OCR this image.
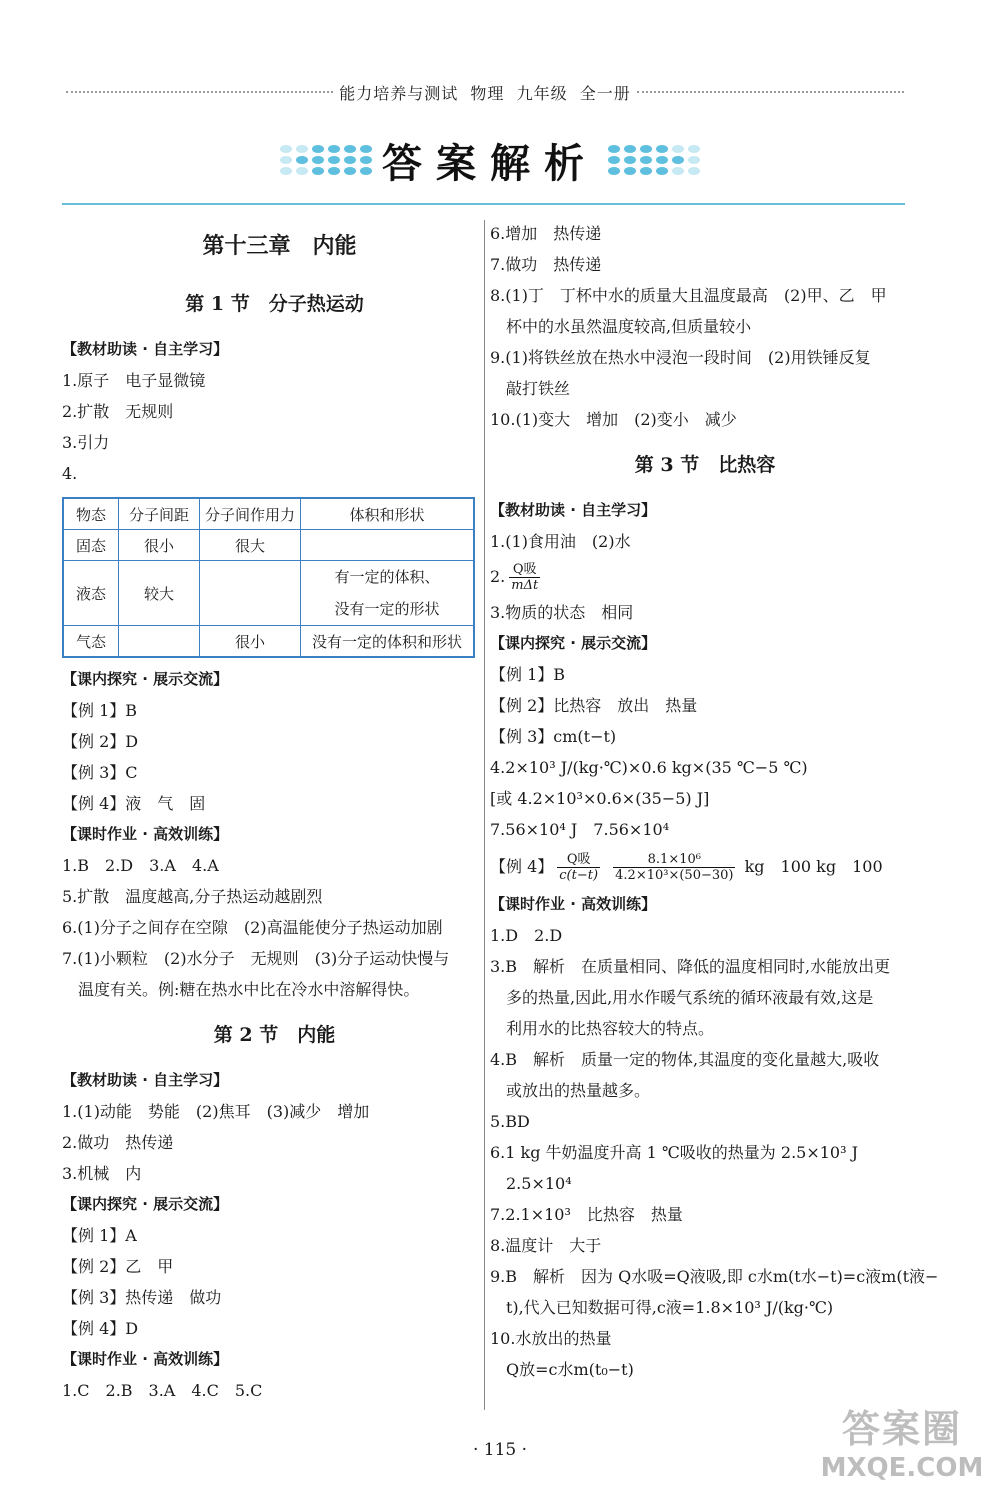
能力培养与测试
物理
九年级
全一册
答案解析
第十三章　内能
第 1 节　分子热运动
【教材助读 · 自主学习】
1.原子　电子显微镜
2.扩散　无规则
3.引力
4.
物态	分子间距	分子间作用力	体积和形状
固态	很小	很大	
液态	较大		有一定的体积、
没有一定的形状

气态		很小	没有一定的体积和形状
【课内探究 · 展示交流】
【例 1】B
【例 2】D
【例 3】C
【例 4】液　气　固
【课时作业 · 高效训练】
1.B　2.D　3.A　4.A
5.扩散　温度越高,分子热运动越剧烈
6.(1)分子之间存在空隙　(2)高温能使分子热运动加剧
7.(1)小颗粒　(2)水分子　无规则　(3)分子运动快慢与
温度有关。例:糖在热水中比在冷水中溶解得快。
第 2 节　内能
【教材助读 · 自主学习】
1.(1)动能　势能　(2)焦耳　(3)减少　增加
2.做功　热传递
3.机械　内
【课内探究 · 展示交流】
【例 1】A
【例 2】乙　甲
【例 3】热传递　做功
【例 4】D
【课时作业 · 高效训练】
1.C　2.B　3.A　4.C　5.C
6.增加　热传递
7.做功　热传递
8.(1)丁　丁杯中水的质量大且温度最高　(2)甲、乙　甲
杯中的水虽然温度较高,但质量较小
9.(1)将铁丝放在热水中浸泡一段时间　(2)用铁锤反复
敲打铁丝
10.(1)变大　增加　(2)变小　减少
第 3 节　比热容
【教材助读 · 自主学习】
1.(1)食用油　(2)水
2. $\frac{\text{Q吸}}{\text{mΔt}}$
3.物质的状态　相同
【课内探究 · 展示交流】
【例 1】B
【例 2】比热容　放出　热量
【例 3】cm(t−t)
4.2×10³ J/(kg·℃)×0.6 kg×(35 ℃−5 ℃)
[或 4.2×10³×0.6×(35−5) J]
7.56×10⁴ J　7.56×10⁴
【例 4】 $\frac{\text{Q吸}}{c(t-t)}$
$\frac{\text{8.1×10⁶}}{\text{4.2×10³×(50−30)}}$ kg　100 kg　100
【课时作业 · 高效训练】
1.D　2.D
3.B　解析　在质量相同、降低的温度相同时,水能放出更
多的热量,因此,用水作暖气系统的循环液最有效,这是
利用水的比热容较大的特点。
4.B　解析　质量一定的物体,其温度的变化量越大,吸收
或放出的热量越多。
5.BD
6.1 kg 牛奶温度升高 1 ℃吸收的热量为 2.5×10³ J
2.5×10⁴
7.2.1×10³　比热容　热量
8.温度计　大于
9.B　解析　因为 Q水吸=Q液吸,即 c水m(t水−t)=c液m(t液−
t),代入已知数据可得,c液=1.8×10³ J/(kg·℃)
10.水放出的热量
Q放=c水m(t₀−t)
· 115 ·	答案圈
MXQE.COM
